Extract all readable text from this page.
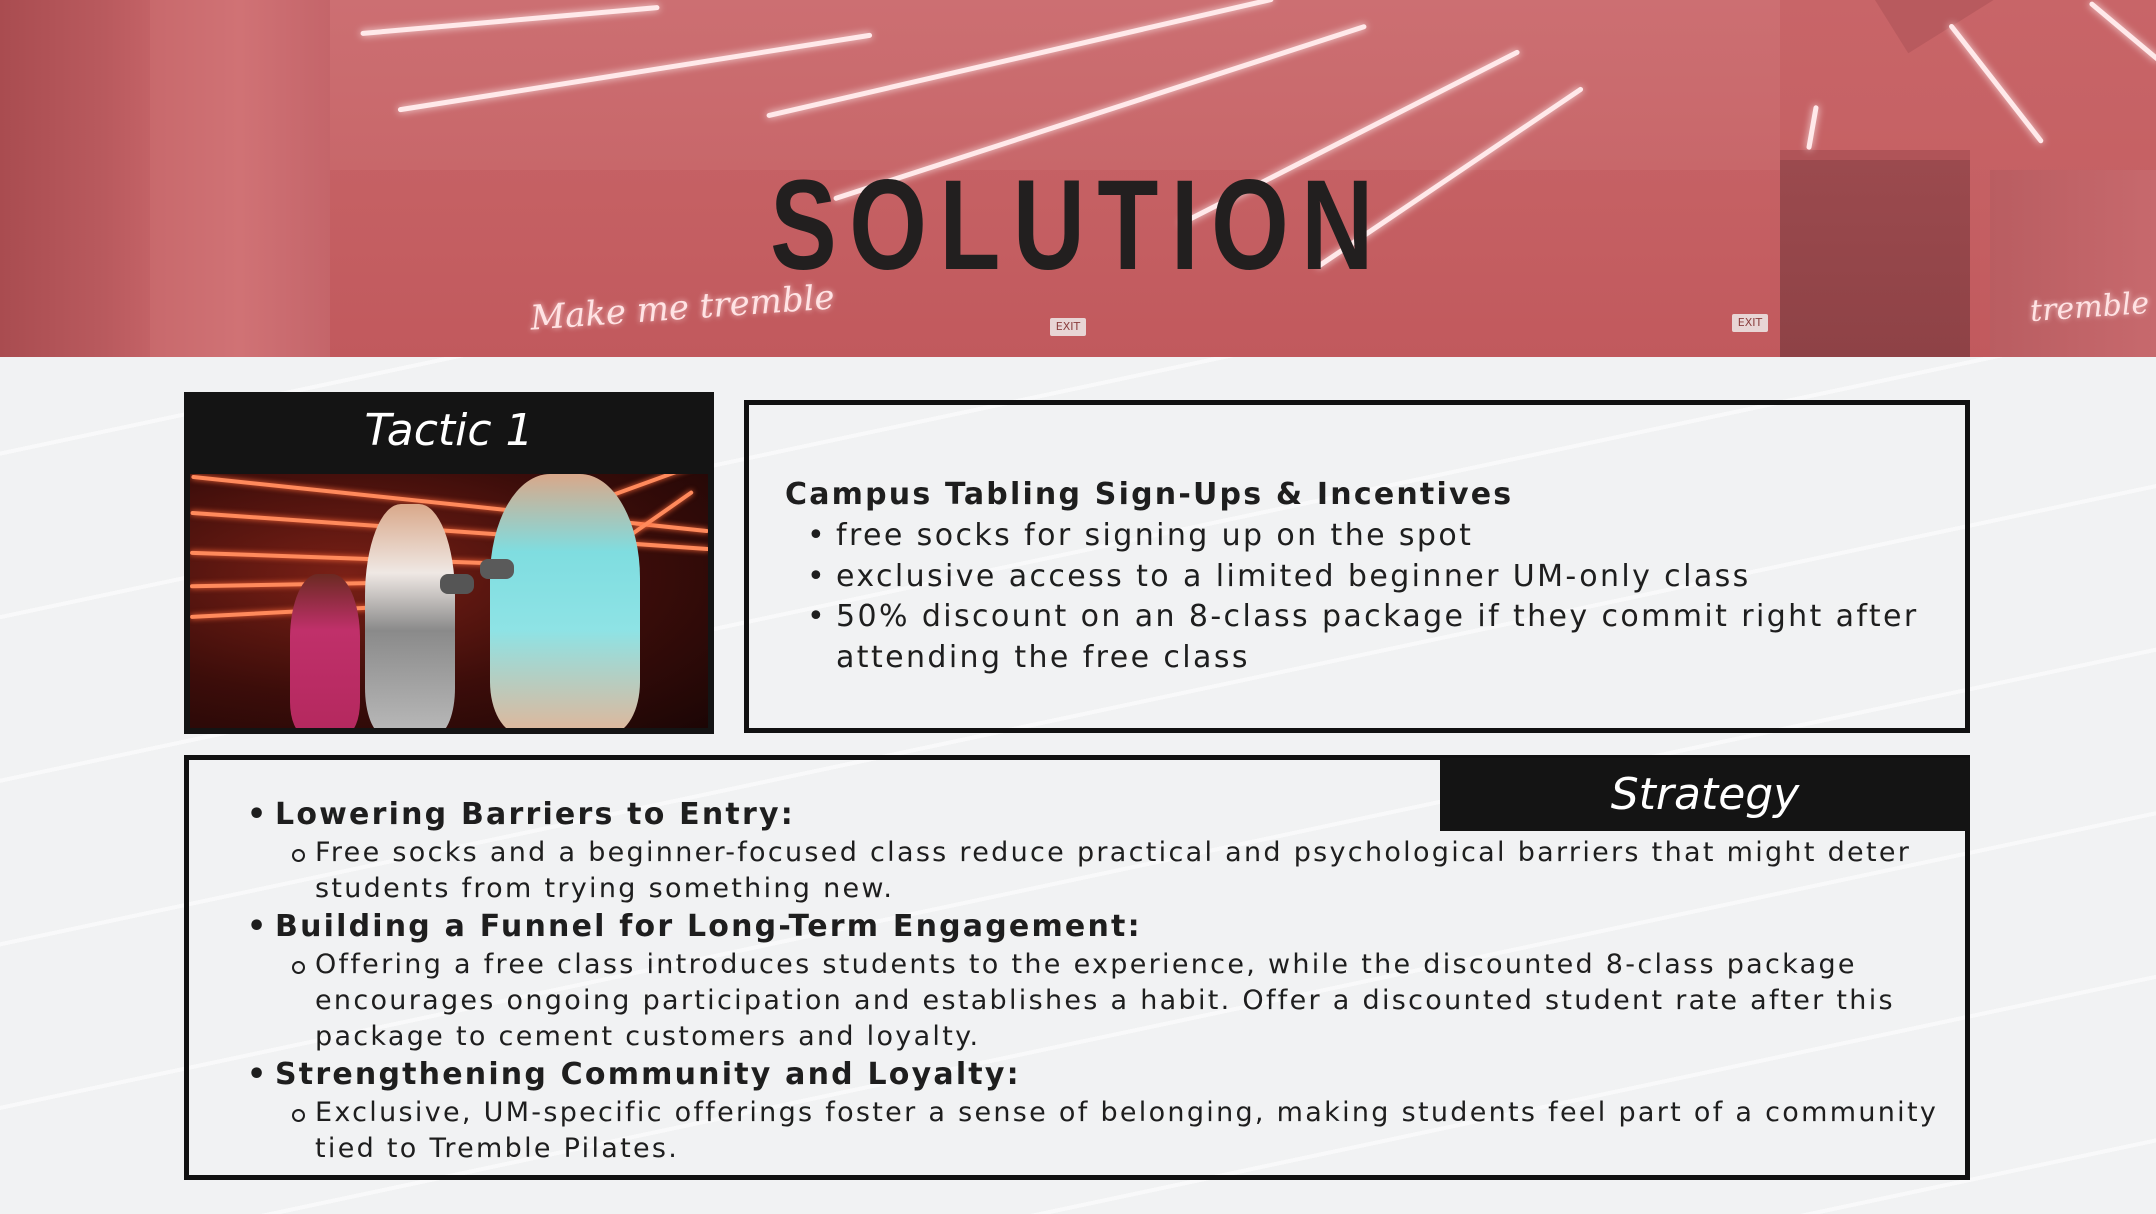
Make me tremble	tremble
EXIT	EXIT
SOLUTION
Tactic 1
Campus Tabling Sign-Ups & Incentives
• free socks for signing up on the spot
• exclusive access to a limited beginner UM-only class
• 50% discount on an 8-class package if they commit right after attending the free class
Strategy
• Lowering Barriers to Entry:
Free socks and a beginner-focused class reduce practical and psychological barriers that might deter students from trying something new.
• Building a Funnel for Long-Term Engagement:
Offering a free class introduces students to the experience, while the discounted 8-class package encourages ongoing participation and establishes a habit. Offer a discounted student rate after this package to cement customers and loyalty.
• Strengthening Community and Loyalty:
Exclusive, UM-specific offerings foster a sense of belonging, making students feel part of a community tied to Tremble Pilates.
